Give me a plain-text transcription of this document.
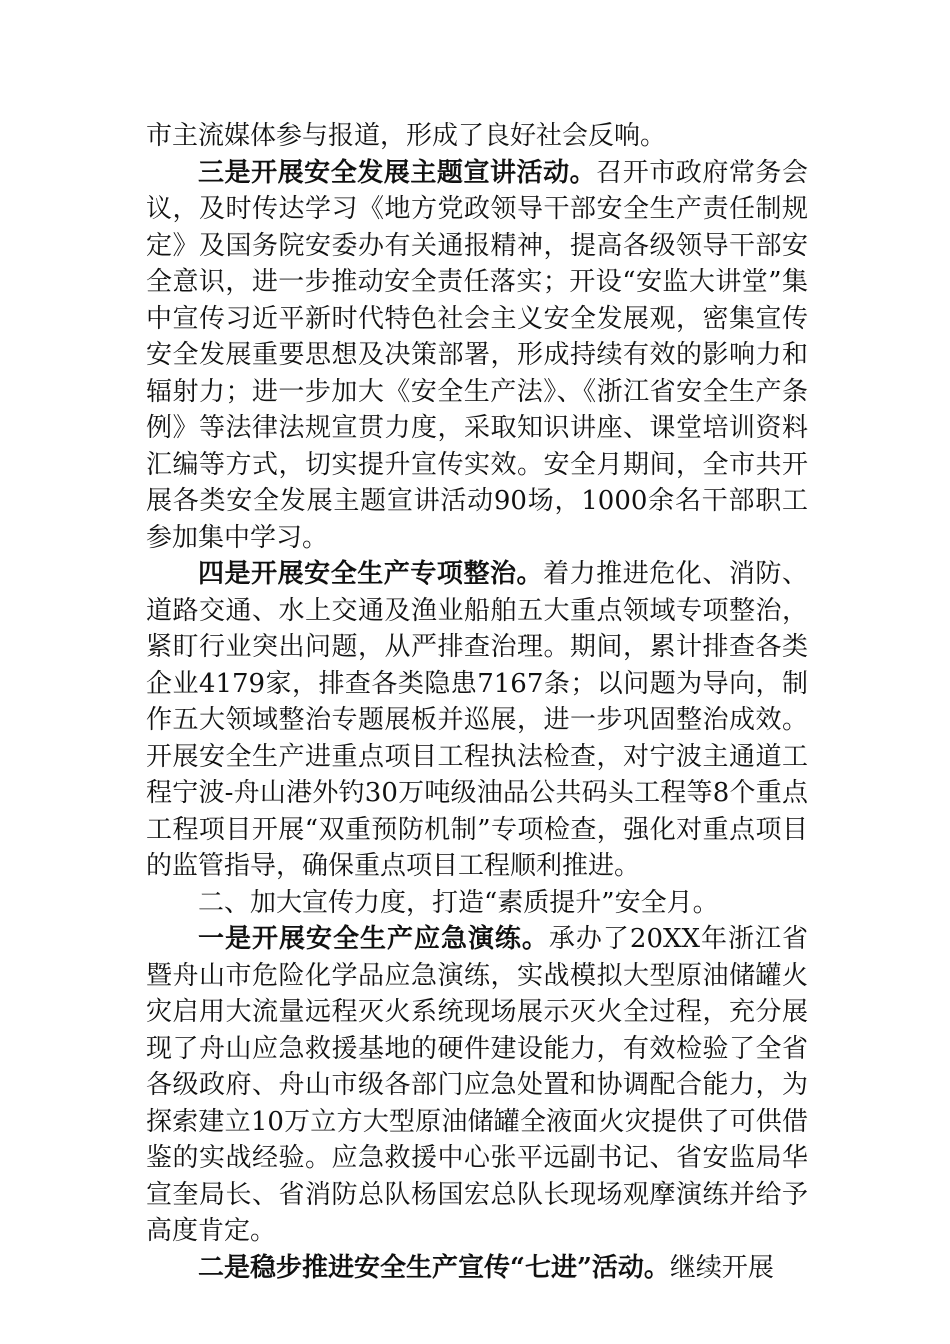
市主流媒体参与报道，形成了良好社会反响。

三是开展安全发展主题宣讲活动。召开市政府常务会议，及时传达学习《地方党政领导干部安全生产责任制规定》及国务院安委办有关通报精神，提高各级领导干部安全意识，进一步推动安全责任落实；开设“安监大讲堂”集中宣传习近平新时代特色社会主义安全发展观，密集宣传安全发展重要思想及决策部署，形成持续有效的影响力和辐射力；进一步加大《安全生产法》、《浙江省安全生产条例》等法律法规宣贯力度，采取知识讲座、课堂培训资料汇编等方式，切实提升宣传实效。安全月期间，全市共开展各类安全发展主题宣讲活动90场，1000余名干部职工参加集中学习。

四是开展安全生产专项整治。着力推进危化、消防、道路交通、水上交通及渔业船舶五大重点领域专项整治，紧盯行业突出问题，从严排查治理。期间，累计排查各类企业4179家，排查各类隐患7167条；以问题为导向，制作五大领域整治专题展板并巡展，进一步巩固整治成效。开展安全生产进重点项目工程执法检查，对宁波主通道工程宁波-舟山港外钓30万吨级油品公共码头工程等8个重点工程项目开展“双重预防机制”专项检查，强化对重点项目的监管指导，确保重点项目工程顺利推进。

二、加大宣传力度，打造“素质提升”安全月。

一是开展安全生产应急演练。承办了20XX年浙江省暨舟山市危险化学品应急演练，实战模拟大型原油储罐火灾启用大流量远程灭火系统现场展示灭火全过程，充分展现了舟山应急救援基地的硬件建设能力，有效检验了全省各级政府、舟山市级各部门应急处置和协调配合能力，为探索建立10万立方大型原油储罐全液面火灾提供了可供借鉴的实战经验。应急救援中心张平远副书记、省安监局华宣奎局长、省消防总队杨国宏总队长现场观摩演练并给予高度肯定。

二是稳步推进安全生产宣传“七进”活动。继续开展
